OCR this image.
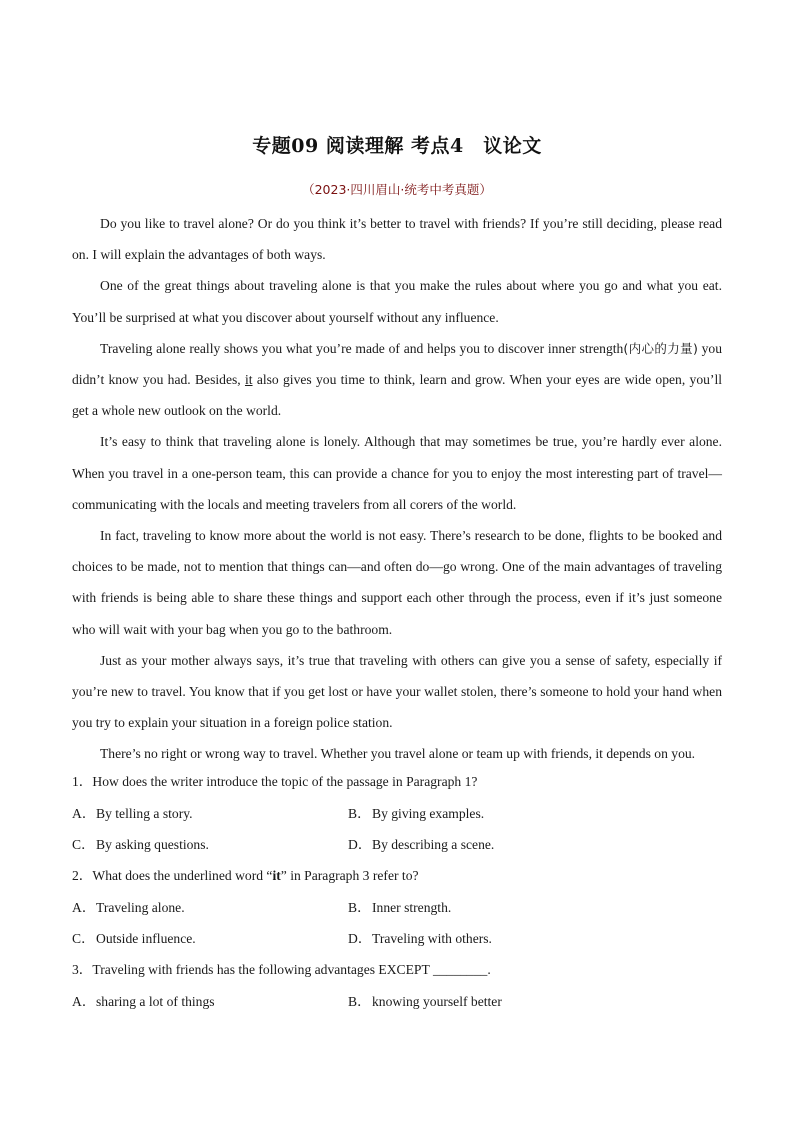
专题09 阅读理解 考点4　议论文
（2023·四川眉山·统考中考真题）

Do you like to travel alone? Or do you think it’s better to travel with friends? If you’re still deciding, please read on. I will explain the advantages of both ways.

One of the great things about traveling alone is that you make the rules about where you go and what you eat. You’ll be surprised at what you discover about yourself without any influence.

Traveling alone really shows you what you’re made of and helps you to discover inner strength(内心的力量) you didn’t know you had. Besides, it also gives you time to think, learn and grow. When your eyes are wide open, you’ll get a whole new outlook on the world.

It’s easy to think that traveling alone is lonely. Although that may sometimes be true, you’re hardly ever alone. When you travel in a one-person team, this can provide a chance for you to enjoy the most interesting part of travel—communicating with the locals and meeting travelers from all corers of the world.

In fact, traveling to know more about the world is not easy. There’s research to be done, flights to be booked and choices to be made, not to mention that things can—and often do—go wrong. One of the main advantages of traveling with friends is being able to share these things and support each other through the process, even if it’s just someone who will wait with your bag when you go to the bathroom.

Just as your mother always says, it’s true that traveling with others can give you a sense of safety, especially if you’re new to travel. You know that if you get lost or have your wallet stolen, there’s someone to hold your hand when you try to explain your situation in a foreign police station.

There’s no right or wrong way to travel. Whether you travel alone or team up with friends, it depends on you.

1．How does the writer introduce the topic of the passage in Paragraph 1?
A．By telling a story.	B．By giving examples.
C．By asking questions.	D．By describing a scene.
2．What does the underlined word “it” in Paragraph 3 refer to?
A．Traveling alone.	B．Inner strength.
C．Outside influence.	D．Traveling with others.
3．Traveling with friends has the following advantages EXCEPT ________.
A．sharing a lot of things	B．knowing yourself better
